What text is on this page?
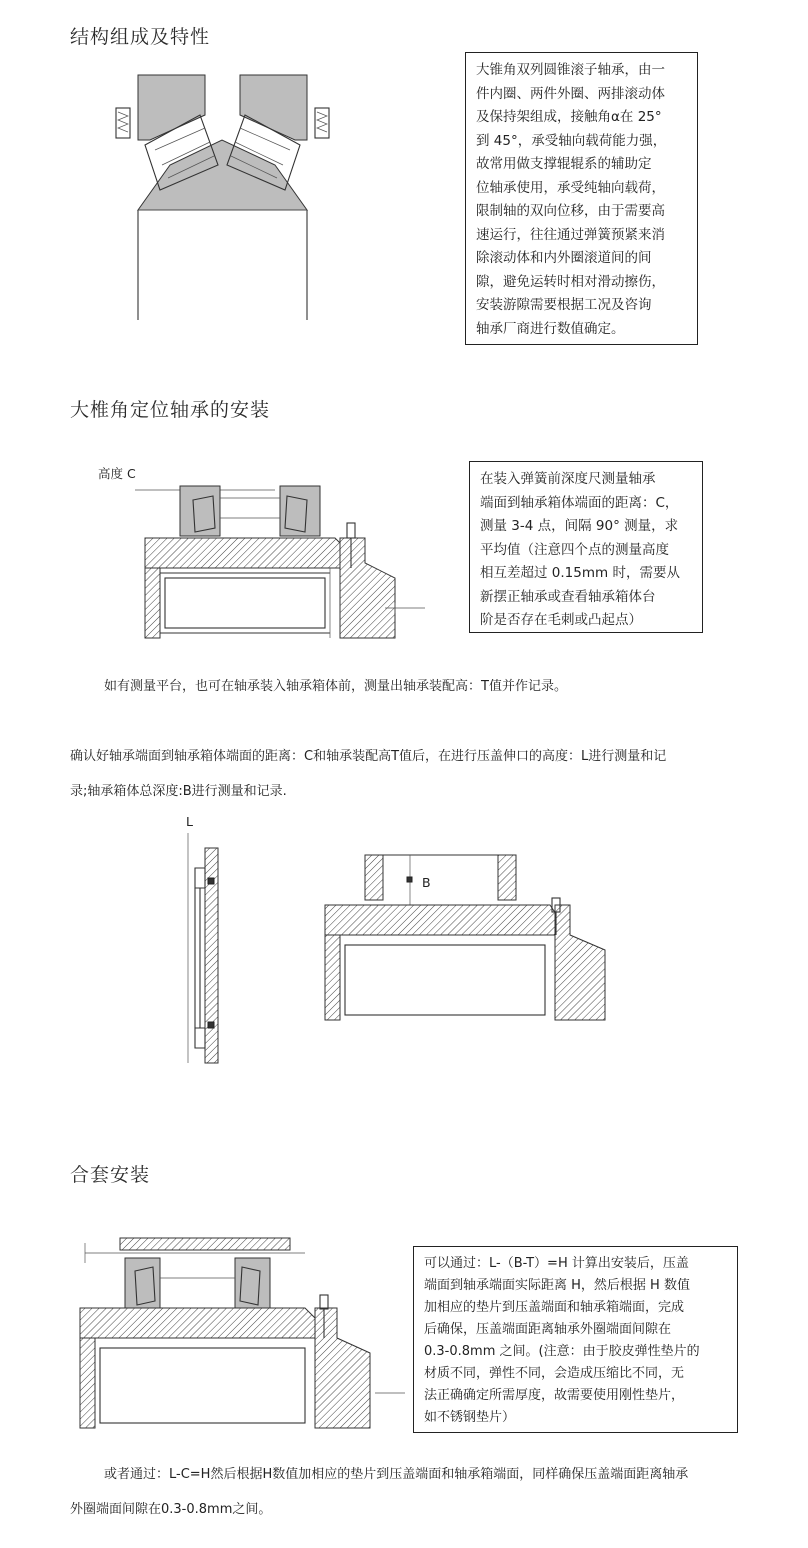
结构组成及特性
大锥角双列圆锥滚子轴承，由一
件内圈、两件外圈、两排滚动体
及保持架组成，接触角α在 25°
到 45°，承受轴向载荷能力强，
故常用做支撑辊辊系的辅助定
位轴承使用，承受纯轴向载荷，
限制轴的双向位移，由于需要高
速运行，往往通过弹簧预紧来消
除滚动体和内外圈滚道间的间
隙，避免运转时相对滑动擦伤，
安装游隙需要根据工况及咨询
轴承厂商进行数值确定。
大椎角定位轴承的安装
高度 C	在装入弹簧前深度尺测量轴承
端面到轴承箱体端面的距离：C，
测量 3-4 点，间隔 90° 测量，求
平均值（注意四个点的测量高度
相互差超过 0.15mm 时，需要从
新摆正轴承或查看轴承箱体台
阶是否存在毛刺或凸起点）
如有测量平台，也可在轴承装入轴承箱体前，测量出轴承装配高：T值并作记录。
确认好轴承端面到轴承箱体端面的距离：C和轴承装配高T值后，在进行压盖伸口的高度：L进行测量和记
录;轴承箱体总深度:B进行测量和记录.
L
B
合套安装
可以通过：L-（B-T）=H 计算出安装后，压盖
端面到轴承端面实际距离 H，然后根据 H 数值
加相应的垫片到压盖端面和轴承箱端面，完成
后确保，压盖端面距离轴承外圈端面间隙在
0.3-0.8mm 之间。(注意：由于胶皮弹性垫片的
材质不同，弹性不同，会造成压缩比不同，无
法正确确定所需厚度，故需要使用刚性垫片，
如不锈钢垫片）
或者通过：L-C=H然后根据H数值加相应的垫片到压盖端面和轴承箱端面，同样确保压盖端面距离轴承
外圈端面间隙在0.3-0.8mm之间。
